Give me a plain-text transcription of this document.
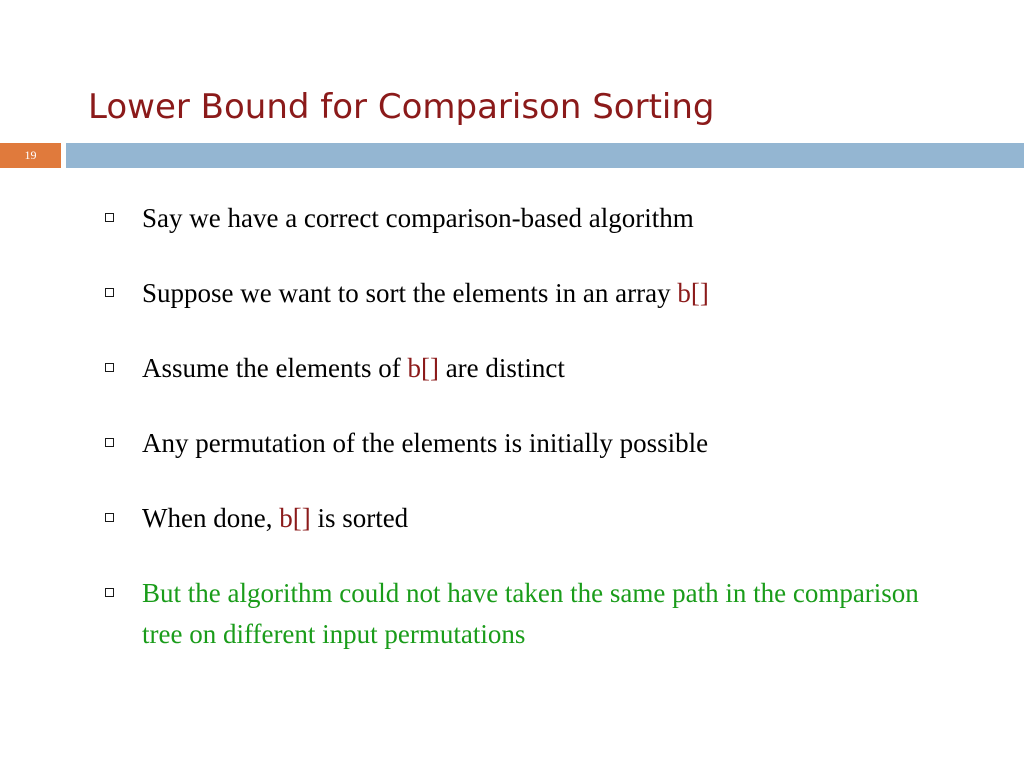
Lower Bound for Comparison Sorting
19
Say we have a correct comparison-based algorithm
Suppose we want to sort the elements in an array b[]
Assume the elements of b[] are distinct
Any permutation of the elements is initially possible
When done, b[] is sorted
But the algorithm could not have taken the same path in the comparison tree on different input permutations
